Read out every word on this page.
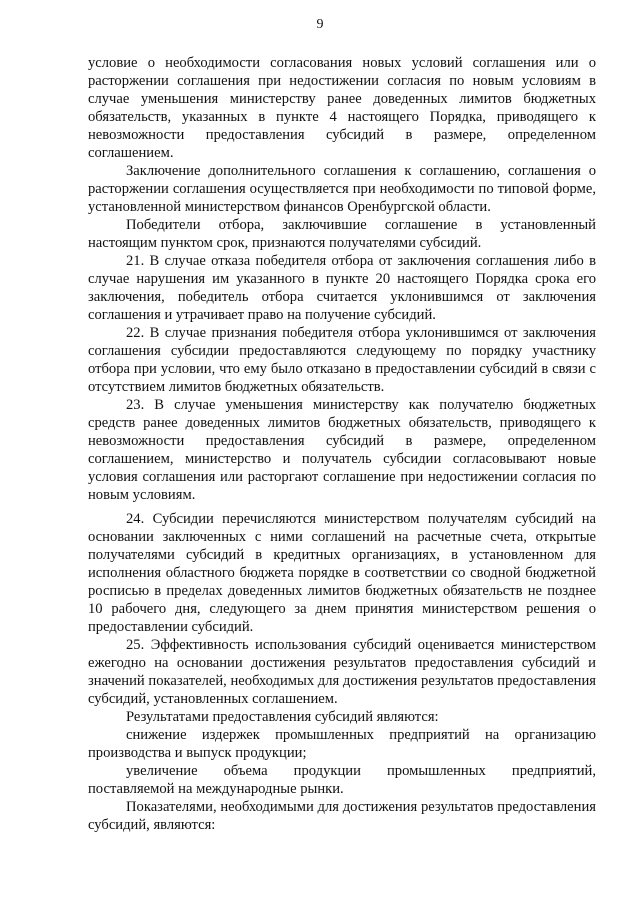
9

условие о необходимости согласования новых условий соглашения или о расторжении соглашения при недостижении согласия по новым условиям в случае уменьшения министерству ранее доведенных лимитов бюджетных обязательств, указанных в пункте 4 настоящего Порядка, приводящего к невозможности предоставления субсидий в размере, определенном соглашением.

Заключение дополнительного соглашения к соглашению, соглашения о расторжении соглашения осуществляется при необходимости по типовой форме, установленной министерством финансов Оренбургской области.

Победители отбора, заключившие соглашение в установленный настоящим пунктом срок, признаются получателями субсидий.

21. В случае отказа победителя отбора от заключения соглашения либо в случае нарушения им указанного в пункте 20 настоящего Порядка срока его заключения, победитель отбора считается уклонившимся от заключения соглашения и утрачивает право на получение субсидий.

22. В случае признания победителя отбора уклонившимся от заключения соглашения субсидии предоставляются следующему по порядку участнику отбора при условии, что ему было отказано в предоставлении субсидий в связи с отсутствием лимитов бюджетных обязательств.

23. В случае уменьшения министерству как получателю бюджетных средств ранее доведенных лимитов бюджетных обязательств, приводящего к невозможности предоставления субсидий в размере, определенном соглашением, министерство и получатель субсидии согласовывают новые условия соглашения или расторгают соглашение при недостижении согласия по новым условиям.

24. Субсидии перечисляются министерством получателям субсидий на основании заключенных с ними соглашений на расчетные счета, открытые получателями субсидий в кредитных организациях, в установленном для исполнения областного бюджета порядке в соответствии со сводной бюджетной росписью в пределах доведенных лимитов бюджетных обязательств не позднее 10 рабочего дня, следующего за днем принятия министерством решения о предоставлении субсидий.

25. Эффективность использования субсидий оценивается министерством ежегодно на основании достижения результатов предоставления субсидий и значений показателей, необходимых для достижения результатов предоставления субсидий, установленных соглашением.

Результатами предоставления субсидий являются:

снижение издержек промышленных предприятий на организацию производства и выпуск продукции;

увеличение объема продукции промышленных предприятий, поставляемой на международные рынки.

Показателями, необходимыми для достижения результатов предоставления субсидий, являются:
